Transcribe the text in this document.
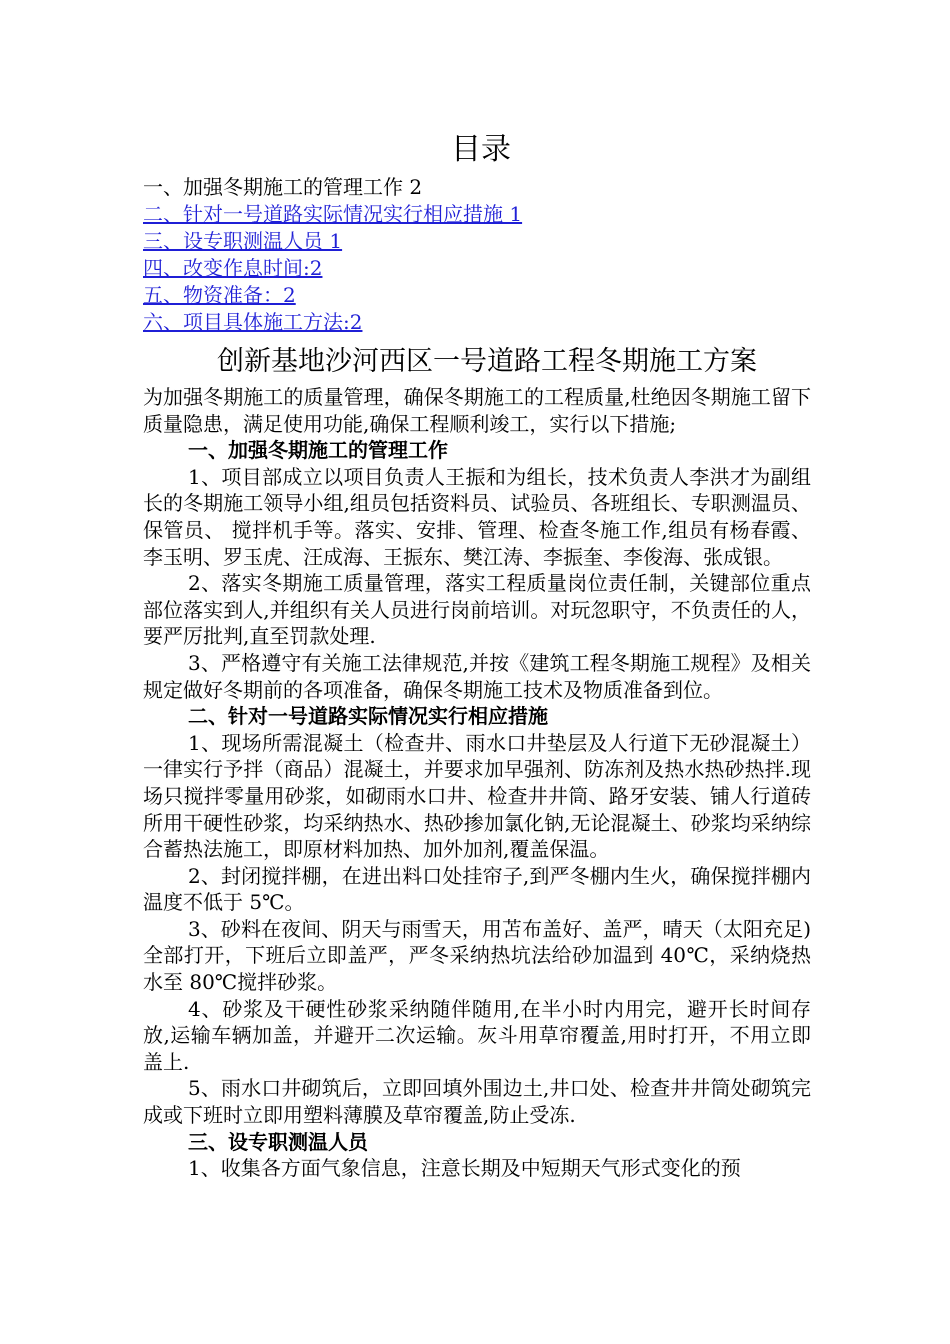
目录
一、加强冬期施工的管理工作 2
二、针对一号道路实际情况实行相应措施 1
三、设专职测温人员 1
四、改变作息时间:2
五、物资准备：2
六、项目具体施工方法:2
创新基地沙河西区一号道路工程冬期施工方案

为加强冬期施工的质量管理，确保冬期施工的工程质量,杜绝因冬期施工留下质量隐患，满足使用功能,确保工程顺利竣工，实行以下措施;

一、加强冬期施工的管理工作

1、项目部成立以项目负责人王振和为组长，技术负责人李洪才为副组长的冬期施工领导小组,组员包括资料员、试验员、各班组长、专职测温员、保管员、 搅拌机手等。落实、安排、管理、检查冬施工作,组员有杨春霞、李玉明、罗玉虎、汪成海、王振东、樊江涛、李振奎、李俊海、张成银。

2、落实冬期施工质量管理，落实工程质量岗位责任制，关键部位重点部位落实到人,并组织有关人员进行岗前培训。对玩忽职守，不负责任的人，要严厉批判,直至罚款处理.

3、严格遵守有关施工法律规范,并按《建筑工程冬期施工规程》及相关规定做好冬期前的各项准备，确保冬期施工技术及物质准备到位。

二、针对一号道路实际情况实行相应措施

1、现场所需混凝土（检查井、雨水口井垫层及人行道下无砂混凝土）一律实行予拌（商品）混凝土，并要求加早强剂、防冻剂及热水热砂热拌.现场只搅拌零量用砂浆，如砌雨水口井、检查井井筒、路牙安装、铺人行道砖所用干硬性砂浆，均采纳热水、热砂掺加氯化钠,无论混凝土、砂浆均采纳综合蓄热法施工，即原材料加热、加外加剂,覆盖保温。

2、封闭搅拌棚，在进出料口处挂帘子,到严冬棚内生火，确保搅拌棚内温度不低于 5℃。

3、砂料在夜间、阴天与雨雪天，用苫布盖好、盖严，晴天（太阳充足)全部打开，下班后立即盖严，严冬采纳热坑法给砂加温到 40℃，采纳烧热水至 80℃搅拌砂浆。

4、砂浆及干硬性砂浆采纳随伴随用,在半小时内用完，避开长时间存放,运输车辆加盖，并避开二次运输。灰斗用草帘覆盖,用时打开，不用立即盖上.

5、雨水口井砌筑后，立即回填外围边土,井口处、检查井井筒处砌筑完成或下班时立即用塑料薄膜及草帘覆盖,防止受冻.

三、设专职测温人员

1、收集各方面气象信息，注意长期及中短期天气形式变化的预
